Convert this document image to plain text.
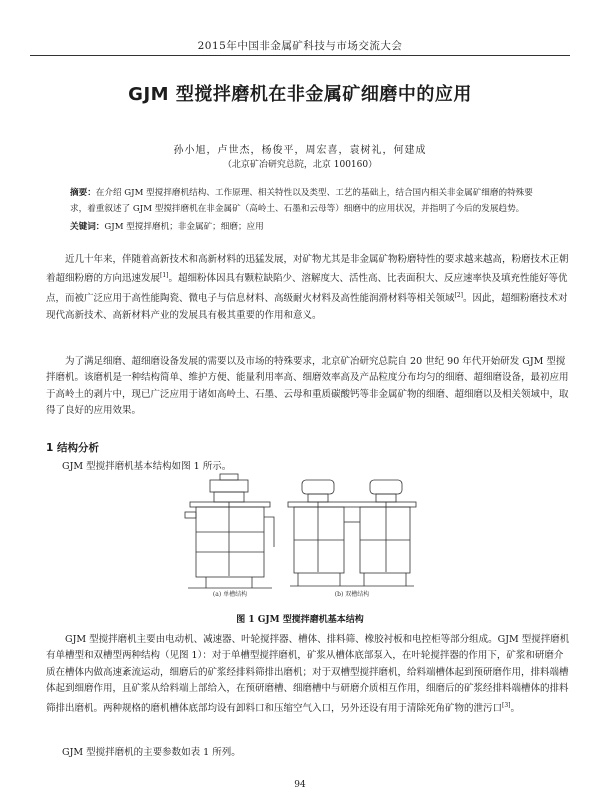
2015年中国非金属矿科技与市场交流大会
GJM 型搅拌磨机在非金属矿细磨中的应用
孙小旭，卢世杰，杨俊平，周宏喜，袁树礼，何建成
（北京矿冶研究总院，北京 100160）
摘要：在介绍 GJM 型搅拌磨机结构、工作原理、相关特性以及类型、工艺的基础上，结合国内相关非金属矿细磨的特殊要求，着重叙述了 GJM 型搅拌磨机在非金属矿（高岭土、石墨和云母等）细磨中的应用状况，并指明了今后的发展趋势。
关键词：GJM 型搅拌磨机；非金属矿；细磨；应用
近几十年来，伴随着高新技术和高新材料的迅猛发展，对矿物尤其是非金属矿物粉磨特性的要求越来越高，粉磨技术正朝着超细粉磨的方向迅速发展[1]。超细粉体因具有颗粒缺陷少、溶解度大、活性高、比表面积大、反应速率快及填充性能好等优点，而被广泛应用于高性能陶瓷、微电子与信息材料、高级耐火材料及高性能润滑材料等相关领域[2]。因此，超细粉磨技术对现代高新技术、高新材料产业的发展具有极其重要的作用和意义。
为了满足细磨、超细磨设备发展的需要以及市场的特殊要求，北京矿冶研究总院自 20 世纪 90 年代开始研发 GJM 型搅拌磨机。该磨机是一种结构简单、维护方便、能量利用率高、细磨效率高及产品粒度分布均匀的细磨、超细磨设备，最初应用于高岭土的剥片中，现已广泛应用于诸如高岭土、石墨、云母和重质碳酸钙等非金属矿物的细磨、超细磨以及相关领域中，取得了良好的应用效果。
1 结构分析
GJM 型搅拌磨机基本结构如图 1 所示。
(a) 单槽结构	(b) 双槽结构
图 1 GJM 型搅拌磨机基本结构
GJM 型搅拌磨机主要由电动机、减速器、叶轮搅拌器、槽体、排料筛、橡胶衬板和电控柜等部分组成。GJM 型搅拌磨机有单槽型和双槽型两种结构（见图 1）：对于单槽型搅拌磨机，矿浆从槽体底部泵入，在叶轮搅拌器的作用下，矿浆和研磨介质在槽体内做高速紊流运动，细磨后的矿浆经排料筛排出磨机；对于双槽型搅拌磨机，给料端槽体起到预研磨作用，排料端槽体起到细磨作用，且矿浆从给料端上部给入，在预研磨槽、细磨槽中与研磨介质相互作用，细磨后的矿浆经排料端槽体的排料筛排出磨机。两种规格的磨机槽体底部均设有卸料口和压缩空气入口，另外还设有用于清除死角矿物的泄污口[3]。
GJM 型搅拌磨机的主要参数如表 1 所列。
94
